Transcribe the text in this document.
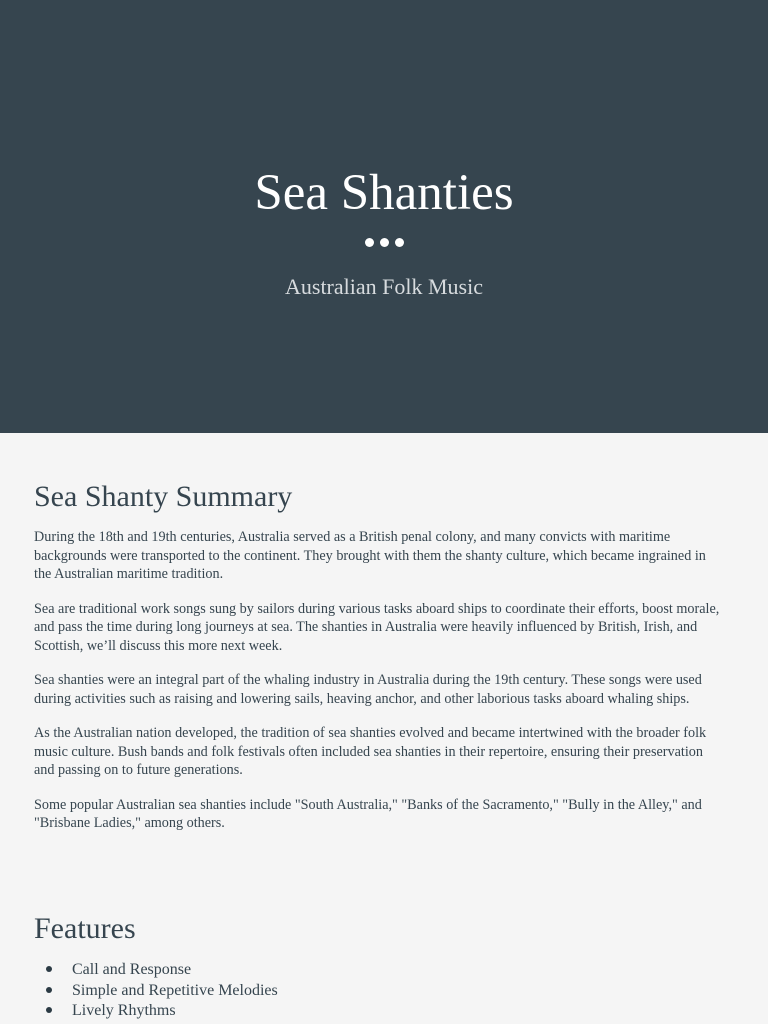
Sea Shanties

Australian Folk Music

Sea Shanty Summary

During the 18th and 19th centuries, Australia served as a British penal colony, and many convicts with maritime backgrounds were transported to the continent. They brought with them the shanty culture, which became ingrained in the Australian maritime tradition.

Sea are traditional work songs sung by sailors during various tasks aboard ships to coordinate their efforts, boost morale, and pass the time during long journeys at sea. The shanties in Australia were heavily influenced by British, Irish, and Scottish, we’ll discuss this more next week.

Sea shanties were an integral part of the whaling industry in Australia during the 19th century. These songs were used during activities such as raising and lowering sails, heaving anchor, and other laborious tasks aboard whaling ships.

As the Australian nation developed, the tradition of sea shanties evolved and became intertwined with the broader folk music culture. Bush bands and folk festivals often included sea shanties in their repertoire, ensuring their preservation and passing on to future generations.

Some popular Australian sea shanties include "South Australia," "Banks of the Sacramento," "Bully in the Alley," and "Brisbane Ladies," among others.

Features
Call and Response
Simple and Repetitive Melodies
Lively Rhythms
